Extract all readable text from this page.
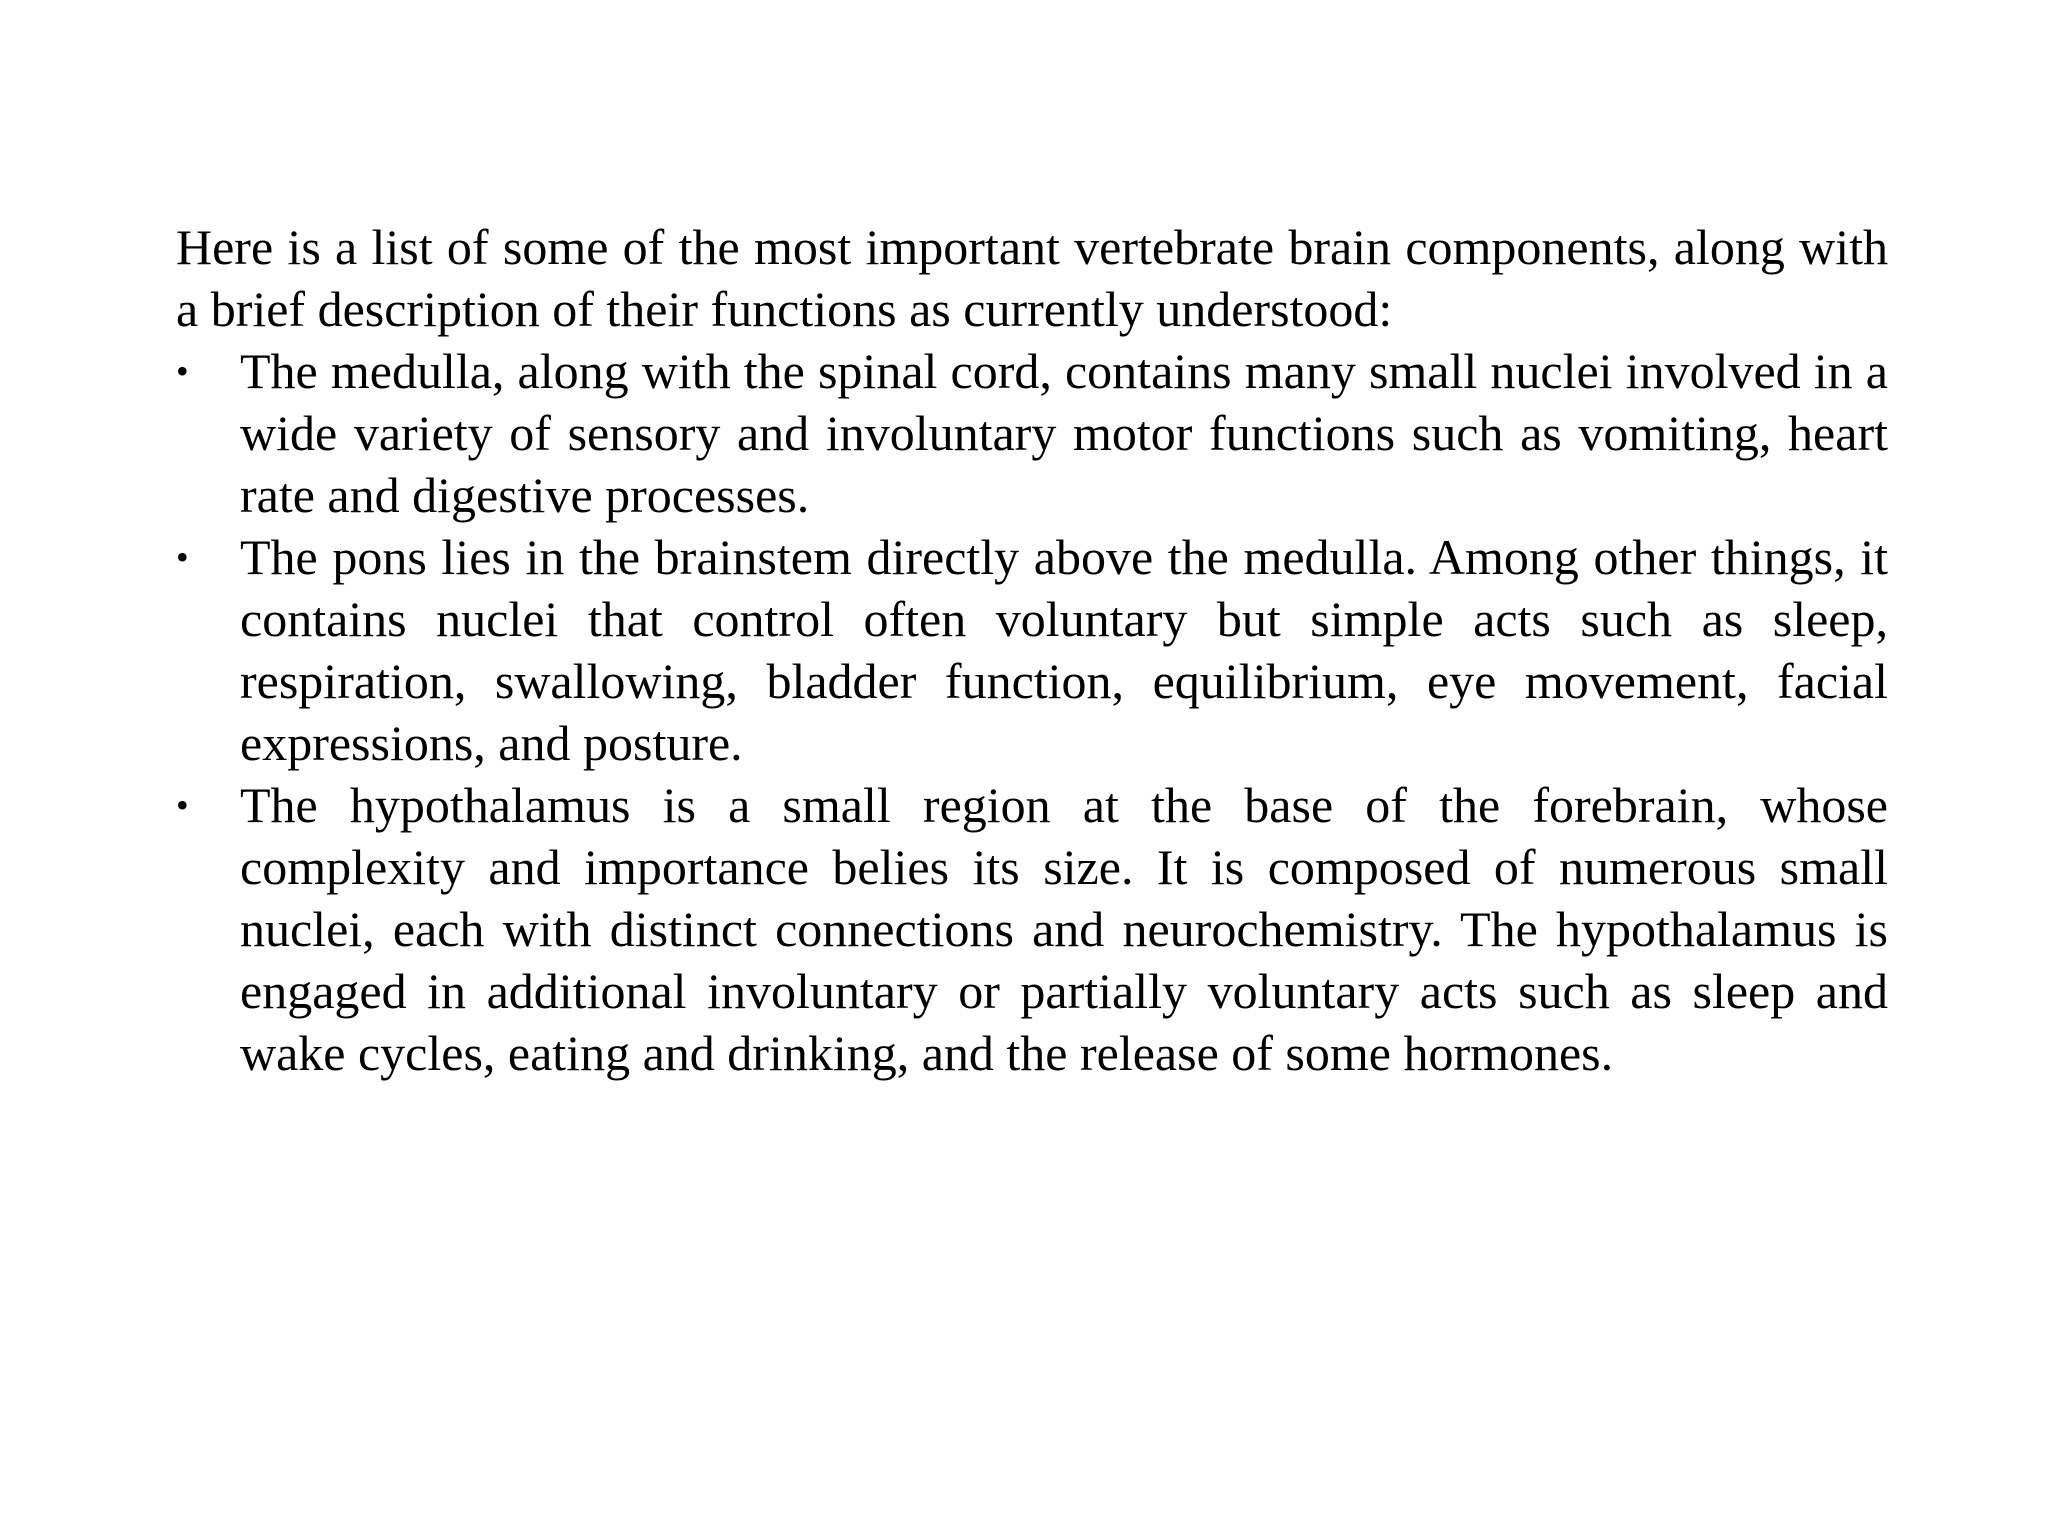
Here is a list of some of the most important vertebrate brain components, along with a brief description of their functions as currently understood:

•	The medulla, along with the spinal cord, contains many small nuclei involved in a wide variety of sensory and involuntary motor functions such as vomiting, heart rate and digestive processes.
•	The pons lies in the brainstem directly above the medulla. Among other things, it contains nuclei that control often voluntary but simple acts such as sleep, respiration, swallowing, bladder function, equilibrium, eye movement, facial expressions, and posture.
•	The hypothalamus is a small region at the base of the forebrain, whose complexity and importance belies its size. It is composed of numerous small nuclei, each with distinct connections and neurochemistry. The hypothalamus is engaged in additional involuntary or partially voluntary acts such as sleep and wake cycles, eating and drinking, and the release of some hormones.
